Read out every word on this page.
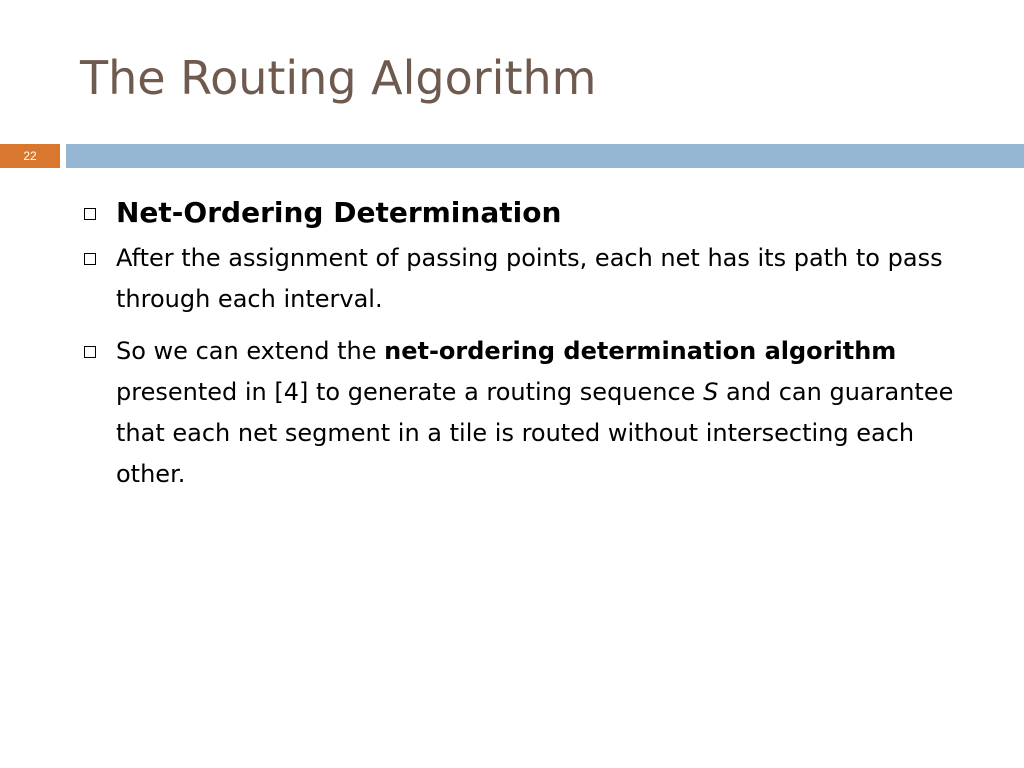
The Routing Algorithm
22
Net-Ordering Determination
After the assignment of passing points, each net has its path to pass through each interval.
So we can extend the net-ordering determination algorithm presented in [4] to generate a routing sequence S and can guarantee that each net segment in a tile is routed without intersecting each other.
